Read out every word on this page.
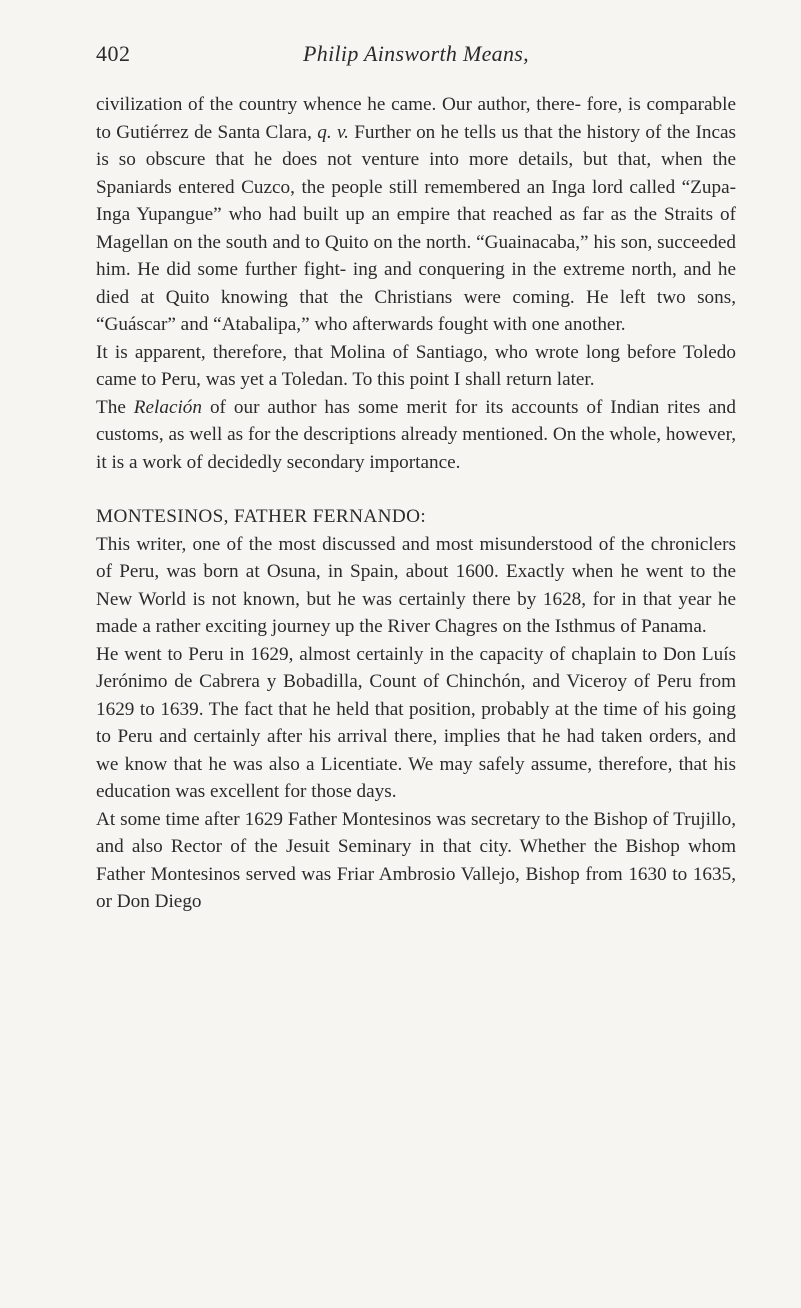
402	Philip Ainsworth Means,

civilization of the country whence he came. Our author, there- fore, is comparable to Gutiérrez de Santa Clara, q. v. Further on he tells us that the history of the Incas is so obscure that he does not venture into more details, but that, when the Spaniards entered Cuzco, the people still remembered an Inga lord called “Zupa-Inga Yupangue” who had built up an empire that reached as far as the Straits of Magellan on the south and to Quito on the north. “Guainacaba,” his son, succeeded him. He did some further fight- ing and conquering in the extreme north, and he died at Quito knowing that the Christians were coming. He left two sons, “Guáscar” and “Atabalipa,” who afterwards fought with one another.

It is apparent, therefore, that Molina of Santiago, who wrote long before Toledo came to Peru, was yet a Toledan. To this point I shall return later.

The Relación of our author has some merit for its accounts of Indian rites and customs, as well as for the descriptions already mentioned. On the whole, however, it is a work of decidedly secondary importance.

MONTESINOS, FATHER FERNANDO:

This writer, one of the most discussed and most misunderstood of the chroniclers of Peru, was born at Osuna, in Spain, about 1600. Exactly when he went to the New World is not known, but he was certainly there by 1628, for in that year he made a rather exciting journey up the River Chagres on the Isthmus of Panama.

He went to Peru in 1629, almost certainly in the capacity of chaplain to Don Luís Jerónimo de Cabrera y Bobadilla, Count of Chinchón, and Viceroy of Peru from 1629 to 1639. The fact that he held that position, probably at the time of his going to Peru and certainly after his arrival there, implies that he had taken orders, and we know that he was also a Licentiate. We may safely assume, therefore, that his education was excellent for those days.

At some time after 1629 Father Montesinos was secretary to the Bishop of Trujillo, and also Rector of the Jesuit Seminary in that city. Whether the Bishop whom Father Montesinos served was Friar Ambrosio Vallejo, Bishop from 1630 to 1635, or Don Diego
